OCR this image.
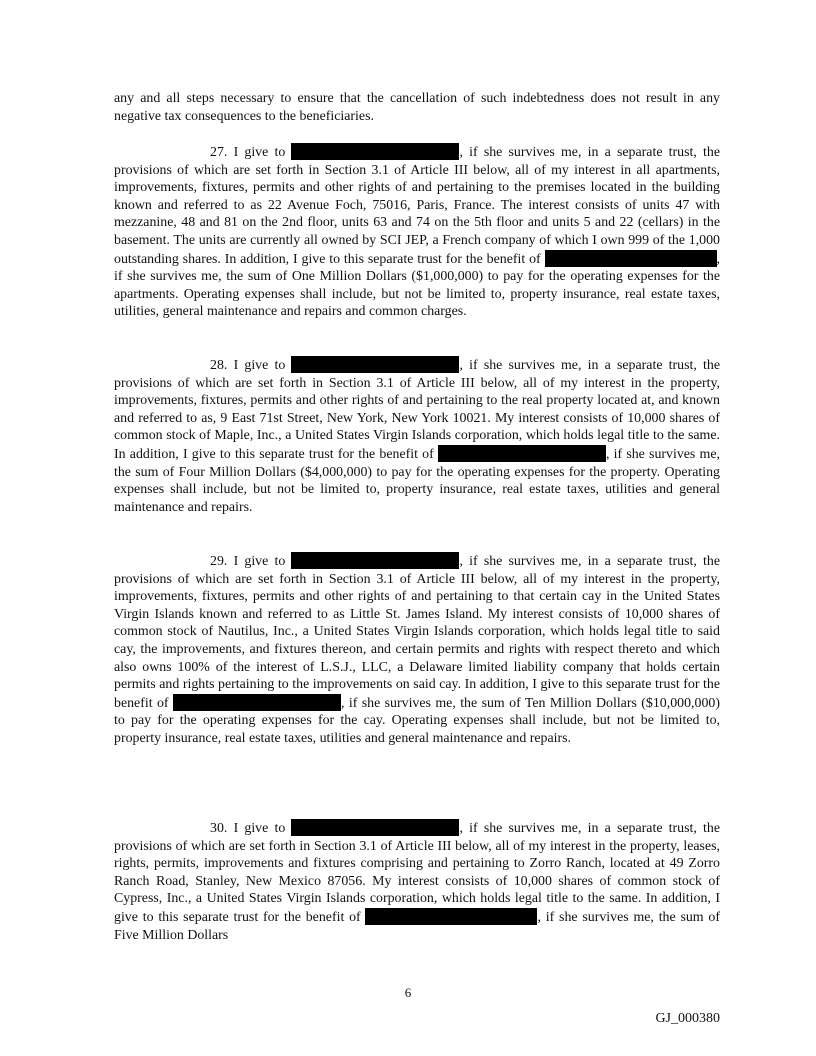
any and all steps necessary to ensure that the cancellation of such indebtedness does not result in any negative tax consequences to the beneficiaries.

27. I give to	, if she survives me, in a separate trust, the provisions of which are set forth in Section 3.1 of Article III below, all of my interest in all apartments, improvements, fixtures, permits and other rights of and pertaining to the premises located in the building known and referred to as 22 Avenue Foch, 75016, Paris, France. The interest consists of units 47 with mezzanine, 48 and 81 on the 2nd floor, units 63 and 74 on the 5th floor and units 5 and 22 (cellars) in the basement. The units are currently all owned by SCI JEP, a French company of which I own 999 of the 1,000 outstanding shares. In addition, I give to this separate trust for the benefit of	, if she survives me, the sum of One Million Dollars ($1,000,000) to pay for the operating expenses for the apartments. Operating expenses shall include, but not be limited to, property insurance, real estate taxes, utilities, general maintenance and repairs and common charges.

28. I give to	, if she survives me, in a separate trust, the provisions of which are set forth in Section 3.1 of Article III below, all of my interest in the property, improvements, fixtures, permits and other rights of and pertaining to the real property located at, and known and referred to as, 9 East 71st Street, New York, New York 10021. My interest consists of 10,000 shares of common stock of Maple, Inc., a United States Virgin Islands corporation, which holds legal title to the same. In addition, I give to this separate trust for the benefit of	, if she survives me, the sum of Four Million Dollars ($4,000,000) to pay for the operating expenses for the property. Operating expenses shall include, but not be limited to, property insurance, real estate taxes, utilities and general maintenance and repairs.

29. I give to	, if she survives me, in a separate trust, the provisions of which are set forth in Section 3.1 of Article III below, all of my interest in the property, improvements, fixtures, permits and other rights of and pertaining to that certain cay in the United States Virgin Islands known and referred to as Little St. James Island. My interest consists of 10,000 shares of common stock of Nautilus, Inc., a United States Virgin Islands corporation, which holds legal title to said cay, the improvements, and fixtures thereon, and certain permits and rights with respect thereto and which also owns 100% of the interest of L.S.J., LLC, a Delaware limited liability company that holds certain permits and rights pertaining to the improvements on said cay. In addition, I give to this separate trust for the benefit of	, if she survives me, the sum of Ten Million Dollars ($10,000,000) to pay for the operating expenses for the cay. Operating expenses shall include, but not be limited to, property insurance, real estate taxes, utilities and general maintenance and repairs.

30. I give to	, if she survives me, in a separate trust, the provisions of which are set forth in Section 3.1 of Article III below, all of my interest in the property, leases, rights, permits, improvements and fixtures comprising and pertaining to Zorro Ranch, located at 49 Zorro Ranch Road, Stanley, New Mexico 87056. My interest consists of 10,000 shares of common stock of Cypress, Inc., a United States Virgin Islands corporation, which holds legal title to the same. In addition, I give to this separate trust for the benefit of	, if she survives me, the sum of Five Million Dollars

6
GJ_000380
